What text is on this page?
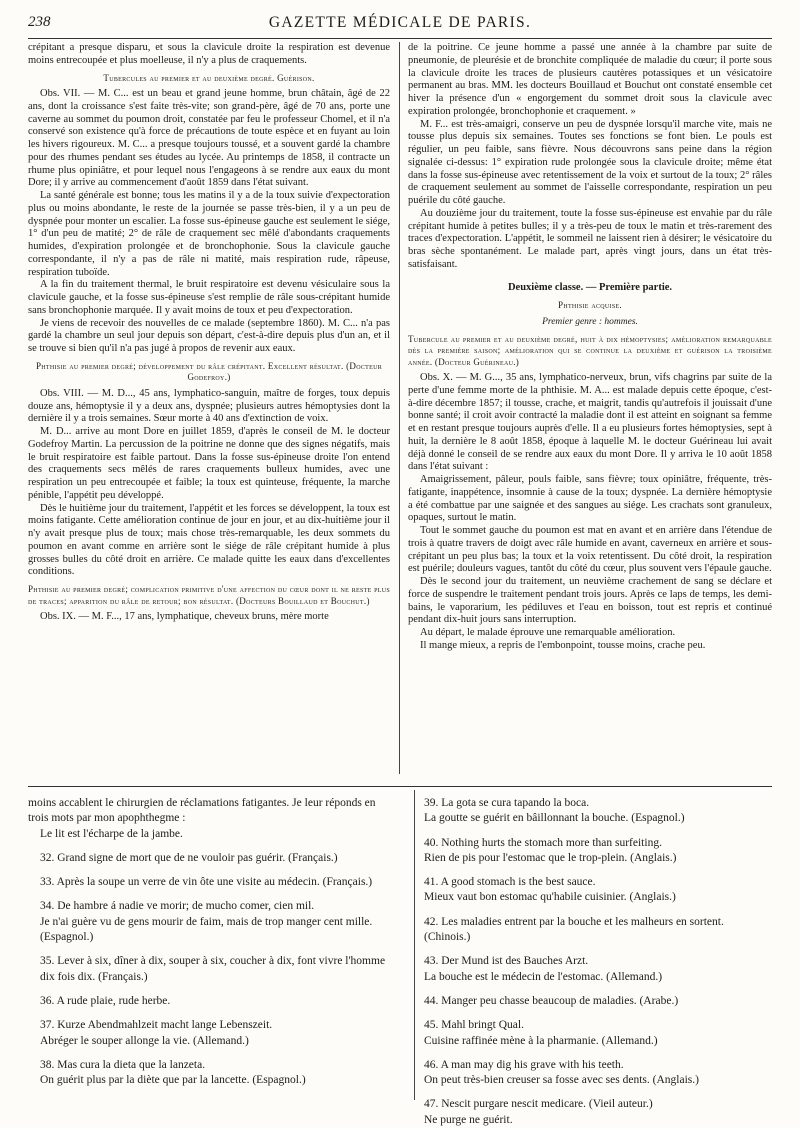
238	GAZETTE MÉDICALE DE PARIS.

crépitant a presque disparu, et sous la clavicule droite la respiration est devenue moins entrecoupée et plus moelleuse, il n'y a plus de craquements.

Tubercules au premier et au deuxième degré. Guérison.

Obs. VII. — M. C... est un beau et grand jeune homme, brun châtain, âgé de 22 ans, dont la croissance s'est faite très-vite; son grand-père, âgé de 70 ans, porte une caverne au sommet du poumon droit, constatée par feu le professeur Chomel, et il n'a conservé son existence qu'à force de précautions de toute espèce et en fuyant au loin les hivers rigoureux. M. C... a presque toujours toussé, et a souvent gardé la chambre pour des rhumes pendant ses études au lycée. Au printemps de 1858, il contracte un rhume plus opiniâtre, et pour lequel nous l'engageons à se rendre aux eaux du mont Dore; il y arrive au commencement d'août 1859 dans l'état suivant.

La santé générale est bonne; tous les matins il y a de la toux suivie d'expectoration plus ou moins abondante, le reste de la journée se passe très-bien, il y a un peu de dyspnée pour monter un escalier. La fosse sus-épineuse gauche est seulement le siége, 1° d'un peu de matité; 2° de râle de craquement sec mêlé d'abondants craquements humides, d'expiration prolongée et de bronchophonie. Sous la clavicule gauche correspondante, il n'y a pas de râle ni matité, mais respiration rude, râpeuse, respiration tuboïde.

A la fin du traitement thermal, le bruit respiratoire est devenu vésiculaire sous la clavicule gauche, et la fosse sus-épineuse s'est remplie de râle sous-crépitant humide sans bronchophonie marquée. Il y avait moins de toux et peu d'expectoration.

Je viens de recevoir des nouvelles de ce malade (septembre 1860). M. C... n'a pas gardé la chambre un seul jour depuis son départ, c'est-à-dire depuis plus d'un an, et il se trouve si bien qu'il n'a pas jugé à propos de revenir aux eaux.

Phthisie au premier degré; développement du râle crépitant. Excellent résultat. (Docteur Godefroy.)

Obs. VIII. — M. D..., 45 ans, lymphatico-sanguin, maître de forges, toux depuis douze ans, hémoptysie il y a deux ans, dyspnée; plusieurs autres hémoptysies dont la dernière il y a trois semaines. Sœur morte à 40 ans d'extinction de voix.

M. D... arrive au mont Dore en juillet 1859, d'après le conseil de M. le docteur Godefroy Martin. La percussion de la poitrine ne donne que des signes négatifs, mais le bruit respiratoire est faible partout. Dans la fosse sus-épineuse droite l'on entend des craquements secs mêlés de rares craquements bulleux humides, avec une respiration un peu entrecoupée et faible; la toux est quinteuse, fréquente, la marche pénible, l'appétit peu développé.

Dès le huitième jour du traitement, l'appétit et les forces se développent, la toux est moins fatigante. Cette amélioration continue de jour en jour, et au dix-huitième jour il n'y avait presque plus de toux; mais chose très-remarquable, les deux sommets du poumon en avant comme en arrière sont le siége de râle crépitant humide à plus grosses bulles du côté droit en arrière. Ce malade quitte les eaux dans d'excellentes conditions.

Phthisie au premier degré; complication primitive d'une affection du cœur dont il ne reste plus de traces; apparition du râle de retour; bon résultat. (Docteurs Bouillaud et Bouchut.)

Obs. IX. — M. F..., 17 ans, lymphatique, cheveux bruns, mère morte

de la poitrine. Ce jeune homme a passé une année à la chambre par suite de pneumonie, de pleurésie et de bronchite compliquée de maladie du cœur; il porte sous la clavicule droite les traces de plusieurs cautères potassiques et un vésicatoire permanent au bras. MM. les docteurs Bouillaud et Bouchut ont constaté ensemble cet hiver la présence d'un « engorgement du sommet droit sous la clavicule avec expiration prolongée, bronchophonie et craquement. »

M. F... est très-amaigri, conserve un peu de dyspnée lorsqu'il marche vite, mais ne tousse plus depuis six semaines. Toutes ses fonctions se font bien. Le pouls est régulier, un peu faible, sans fièvre. Nous découvrons sans peine dans la région signalée ci-dessus: 1° expiration rude prolongée sous la clavicule droite; même état dans la fosse sus-épineuse avec retentissement de la voix et surtout de la toux; 2° râles de craquement seulement au sommet de l'aisselle correspondante, respiration un peu puérile du côté gauche.

Au douzième jour du traitement, toute la fosse sus-épineuse est envahie par du râle crépitant humide à petites bulles; il y a très-peu de toux le matin et très-rarement des traces d'expectoration. L'appétit, le sommeil ne laissent rien à désirer; le vésicatoire du bras sèche spontanément. Le malade part, après vingt jours, dans un état très-satisfaisant.

Deuxième classe. — Première partie.
Phthisie acquise.

Premier genre : hommes.

Tubercule au premier et au deuxième degré, huit à dix hémoptysies; amélioration remarquable dès la première saison; amélioration qui se continue la deuxième et guérison la troisième année. (Docteur Guérineau.)

Obs. X. — M. G..., 35 ans, lymphatico-nerveux, brun, vifs chagrins par suite de la perte d'une femme morte de la phthisie. M. A... est malade depuis cette époque, c'est-à-dire décembre 1857; il tousse, crache, et maigrit, tandis qu'autrefois il jouissait d'une bonne santé; il croit avoir contracté la maladie dont il est atteint en soignant sa femme et en restant presque toujours auprès d'elle. Il a eu plusieurs fortes hémoptysies, sept à huit, la dernière le 8 août 1858, époque à laquelle M. le docteur Guérineau lui avait déjà donné le conseil de se rendre aux eaux du mont Dore. Il y arriva le 10 août 1858 dans l'état suivant :

Amaigrissement, pâleur, pouls faible, sans fièvre; toux opiniâtre, fréquente, très-fatigante, inappétence, insomnie à cause de la toux; dyspnée. La dernière hémoptysie a été combattue par une saignée et des sangues au siége. Les crachats sont granuleux, opaques, surtout le matin.

Tout le sommet gauche du poumon est mat en avant et en arrière dans l'étendue de trois à quatre travers de doigt avec râle humide en avant, caverneux en arrière et sous-crépitant un peu plus bas; la toux et la voix retentissent. Du côté droit, la respiration est puérile; douleurs vagues, tantôt du côté du cœur, plus souvent vers l'épaule gauche.

Dès le second jour du traitement, un neuvième crachement de sang se déclare et force de suspendre le traitement pendant trois jours. Après ce laps de temps, les demi-bains, le vaporarium, les pédiluves et l'eau en boisson, tout est repris et continué pendant dix-huit jours sans interruption.

Au départ, le malade éprouve une remarquable amélioration.

Il mange mieux, a repris de l'embonpoint, tousse moins, crache peu.

moins accablent le chirurgien de réclamations fatigantes. Je leur réponds en trois mots par mon apophthegme :

Le lit est l'écharpe de la jambe.

32. Grand signe de mort que de ne vouloir pas guérir. (Français.)

33. Après la soupe un verre de vin ôte une visite au médecin. (Français.)

34. De hambre á nadie ve morir; de mucho comer, cien mil.

Je n'ai guère vu de gens mourir de faim, mais de trop manger cent mille. (Espagnol.)

35. Lever à six, dîner à dix, souper à six, coucher à dix, font vivre l'homme dix fois dix. (Français.)

36. A rude plaie, rude herbe.

37. Kurze Abendmahlzeit macht lange Lebenszeit.

Abréger le souper allonge la vie. (Allemand.)

38. Mas cura la dieta que la lanzeta.

On guérit plus par la diète que par la lancette. (Espagnol.)

39. La gota se cura tapando la boca.

La goutte se guérit en bâillonnant la bouche. (Espagnol.)

40. Nothing hurts the stomach more than surfeiting.

Rien de pis pour l'estomac que le trop-plein. (Anglais.)

41. A good stomach is the best sauce.

Mieux vaut bon estomac qu'habile cuisinier. (Anglais.)

42. Les maladies entrent par la bouche et les malheurs en sortent. (Chinois.)

43. Der Mund ist des Bauches Arzt.

La bouche est le médecin de l'estomac. (Allemand.)

44. Manger peu chasse beaucoup de maladies. (Arabe.)

45. Mahl bringt Qual.

Cuisine raffinée mène à la pharmanie. (Allemand.)

46. A man may dig his grave with his teeth.

On peut très-bien creuser sa fosse avec ses dents. (Anglais.)

47. Nescit purgare nescit medicare. (Vieil auteur.)

Ne purge ne guérit.
